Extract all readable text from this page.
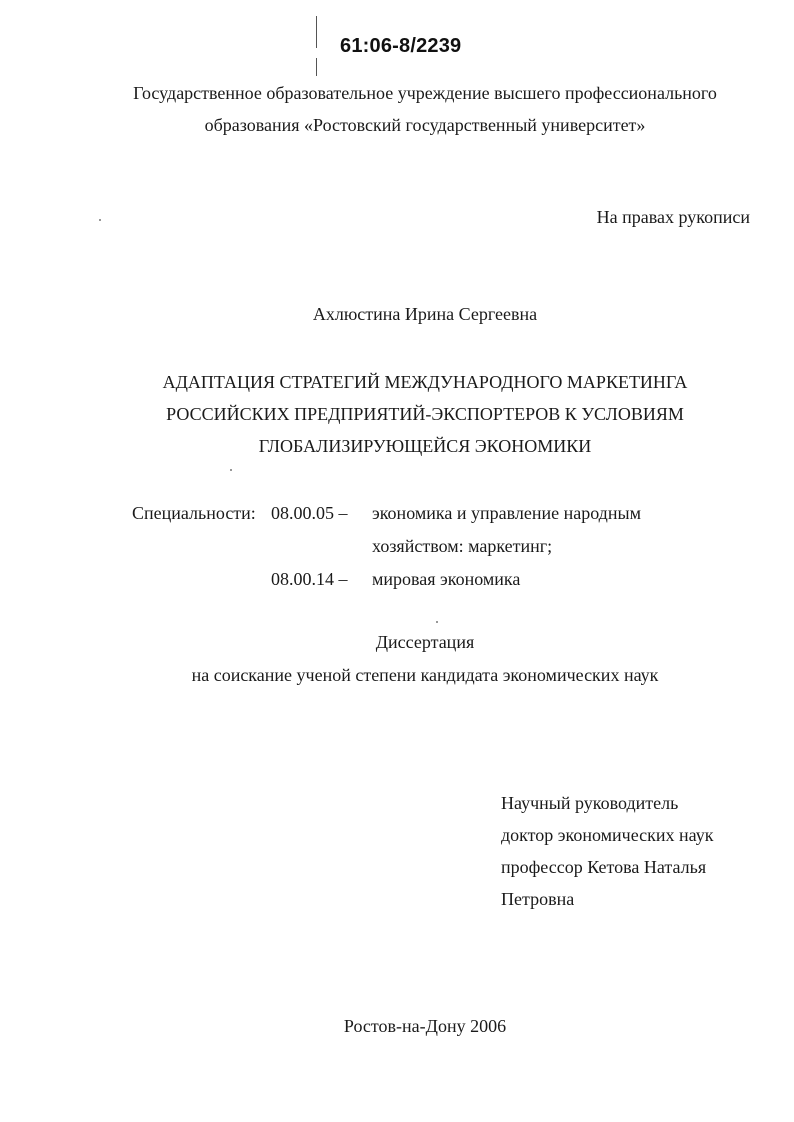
61:06-8/2239
Государственное образовательное учреждение высшего профессионального
образования «Ростовский государственный университет»
На правах рукописи
Ахлюстина Ирина Сергеевна
АДАПТАЦИЯ СТРАТЕГИЙ МЕЖДУНАРОДНОГО МАРКЕТИНГА
РОССИЙСКИХ ПРЕДПРИЯТИЙ-ЭКСПОРТЕРОВ К УСЛОВИЯМ
ГЛОБАЛИЗИРУЮЩЕЙСЯ ЭКОНОМИКИ
Специальности: 08.00.05 – экономика и управление народным
хозяйством: маркетинг;
08.00.14 – мировая экономика
Диссертация
на соискание ученой степени кандидата экономических наук
Научный руководитель
доктор экономических наук
профессор Кетова Наталья
Петровна
Ростов-на-Дону 2006
